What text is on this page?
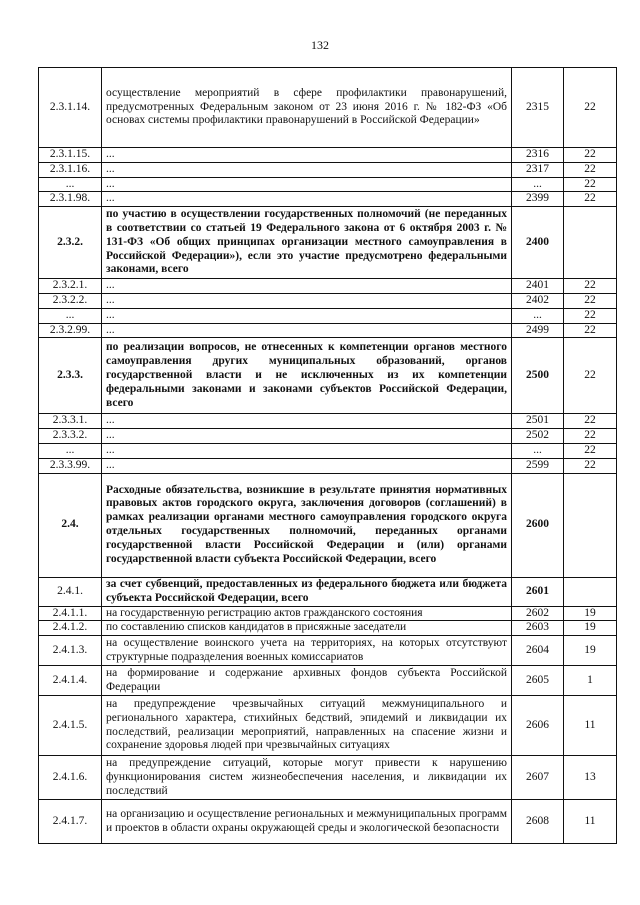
132
2.3.1.14.	осуществление мероприятий в сфере профилактики правонарушений, предусмотренных Федеральным законом от 23 июня 2016 г. № 182-ФЗ «Об основах системы профилактики правонарушений в Российской Федерации»	2315	22
2.3.1.15.	...	2316	22
2.3.1.16.	...	2317	22
...	...	...	22
2.3.1.98.	...	2399	22
2.3.2.	по участию в осуществлении государственных полномочий (не переданных в соответствии со статьей 19 Федерального закона от 6 октября 2003 г. № 131-ФЗ «Об общих принципах организации местного самоуправления в Российской Федерации»), если это участие предусмотрено федеральными законами, всего	2400	
2.3.2.1.	...	2401	22
2.3.2.2.	...	2402	22
...	...	...	22
2.3.2.99.	...	2499	22
2.3.3.	по реализации вопросов, не отнесенных к компетенции органов местного самоуправления других муниципальных образований, органов государственной власти и не исключенных из их компетенции федеральными законами и законами субъектов Российской Федерации, всего	2500	22
2.3.3.1.	...	2501	22
2.3.3.2.	...	2502	22
...	...	...	22
2.3.3.99.	...	2599	22
2.4.	Расходные обязательства, возникшие в результате принятия нормативных правовых актов городского округа, заключения договоров (соглашений) в рамках реализации органами местного самоуправления городского округа отдельных государственных полномочий, переданных органами государственной власти Российской Федерации и (или) органами государственной власти субъекта Российской Федерации, всего	2600	
2.4.1.	за счет субвенций, предоставленных из федерального бюджета или бюджета субъекта Российской Федерации, всего	2601	
2.4.1.1.	на государственную регистрацию актов гражданского состояния	2602	19
2.4.1.2.	по составлению списков кандидатов в присяжные заседатели	2603	19
2.4.1.3.	на осуществление воинского учета на территориях, на которых отсутствуют структурные подразделения военных комиссариатов	2604	19
2.4.1.4.	на формирование и содержание архивных фондов субъекта Российской Федерации	2605	1
2.4.1.5.	на предупреждение чрезвычайных ситуаций межмуниципального и регионального характера, стихийных бедствий, эпидемий и ликвидации их последствий, реализации мероприятий, направленных на спасение жизни и сохранение здоровья людей при чрезвычайных ситуациях	2606	11
2.4.1.6.	на предупреждение ситуаций, которые могут привести к нарушению функционирования систем жизнеобеспечения населения, и ликвидации их последствий	2607	13
2.4.1.7.	на организацию и осуществление региональных и межмуниципальных программ и проектов в области охраны окружающей среды и экологической безопасности	2608	11
